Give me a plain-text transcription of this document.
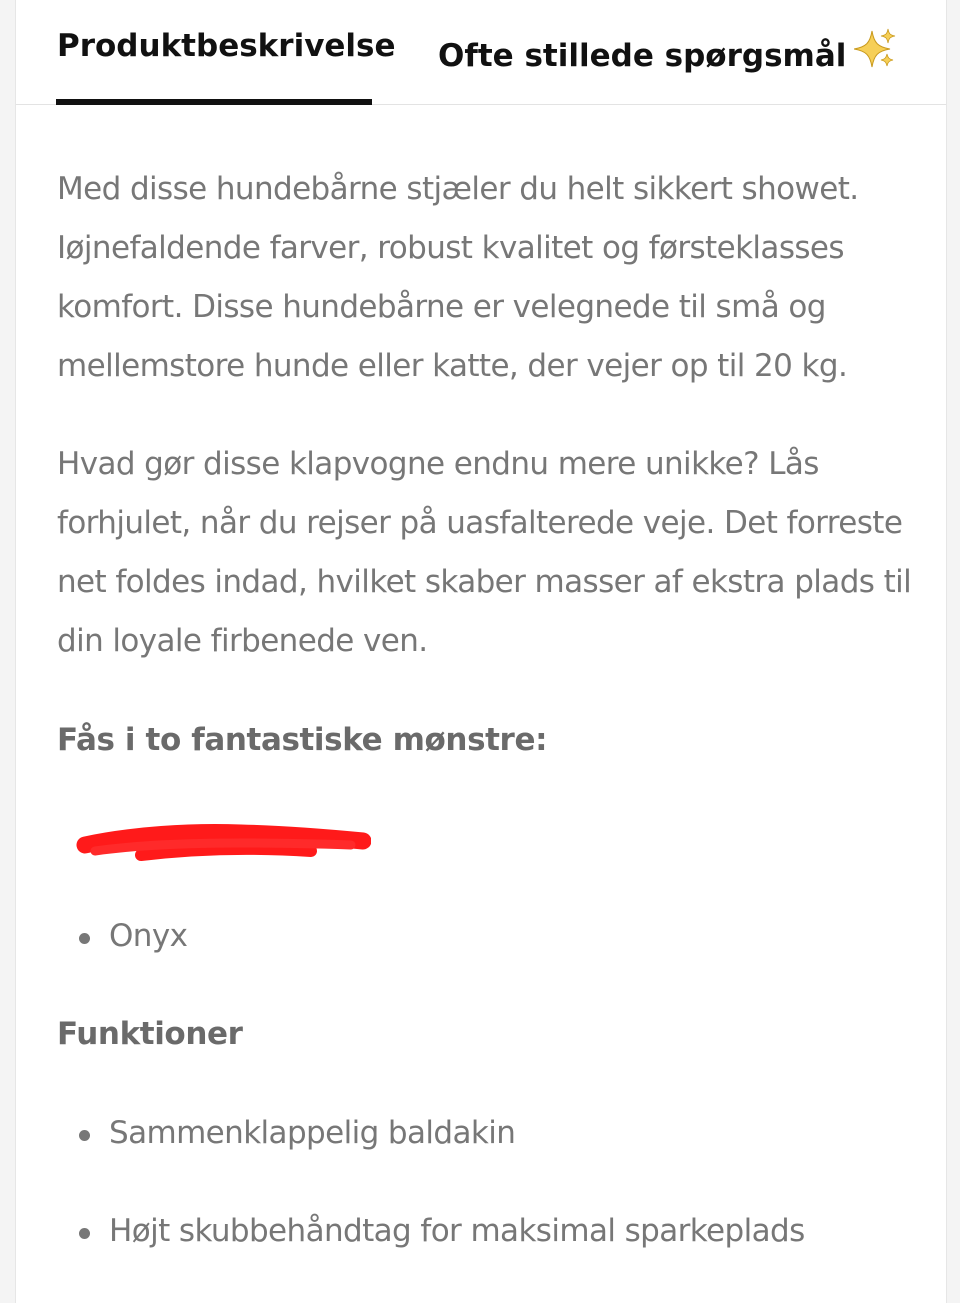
Produktbeskrivelse Ofte stillede spørgsmål

Med disse hundebårne stjæler du helt sikkert showet. Iøjnefaldende farver, robust kvalitet og førsteklasses komfort. Disse hundebårne er velegnede til små og mellemstore hunde eller katte, der vejer op til 20 kg.

Hvad gør disse klapvogne endnu mere unikke? Lås forhjulet, når du rejser på uasfalterede veje. Det forreste net foldes indad, hvilket skaber masser af ekstra plads til din loyale firbenede ven.

Fås i to fantastiske mønstre:

Onyx

Funktioner

Sammenklappelig baldakin
Højt skubbehåndtag for maksimal sparkeplads
